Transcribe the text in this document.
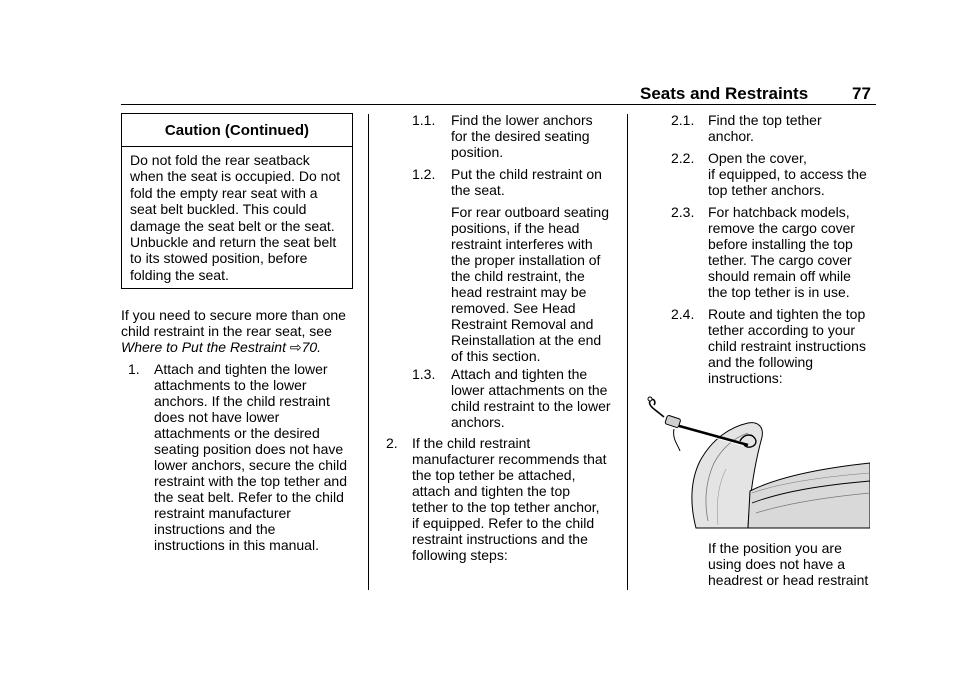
Seats and Restraints	77
Caution (Continued)
Do not fold the rear seatback
when the seat is occupied. Do not
fold the empty rear seat with a
seat belt buckled. This could
damage the seat belt or the seat.
Unbuckle and return the seat belt
to its stowed position, before
folding the seat.
If you need to secure more than one
child restraint in the rear seat, see
Where to Put the Restraint ⇨70.
1. Attach and tighten the lower
attachments to the lower
anchors. If the child restraint
does not have lower
attachments or the desired
seating position does not have
lower anchors, secure the child
restraint with the top tether and
the seat belt. Refer to the child
restraint manufacturer
instructions and the
instructions in this manual.
1.1. Find the lower anchors
for the desired seating
position.
1.2. Put the child restraint on
the seat.
For rear outboard seating
positions, if the head
restraint interferes with
the proper installation of
the child restraint, the
head restraint may be
removed. See Head
Restraint Removal and
Reinstallation at the end
of this section.
1.3. Attach and tighten the
lower attachments on the
child restraint to the lower
anchors.
2. If the child restraint
manufacturer recommends that
the top tether be attached,
attach and tighten the top
tether to the top tether anchor,
if equipped. Refer to the child
restraint instructions and the
following steps:
2.1. Find the top tether
anchor.
2.2. Open the cover,
if equipped, to access the
top tether anchors.
2.3. For hatchback models,
remove the cargo cover
before installing the top
tether. The cargo cover
should remain off while
the top tether is in use.
2.4. Route and tighten the top
tether according to your
child restraint instructions
and the following
instructions:
If the position you are
using does not have a
headrest or head restraint
